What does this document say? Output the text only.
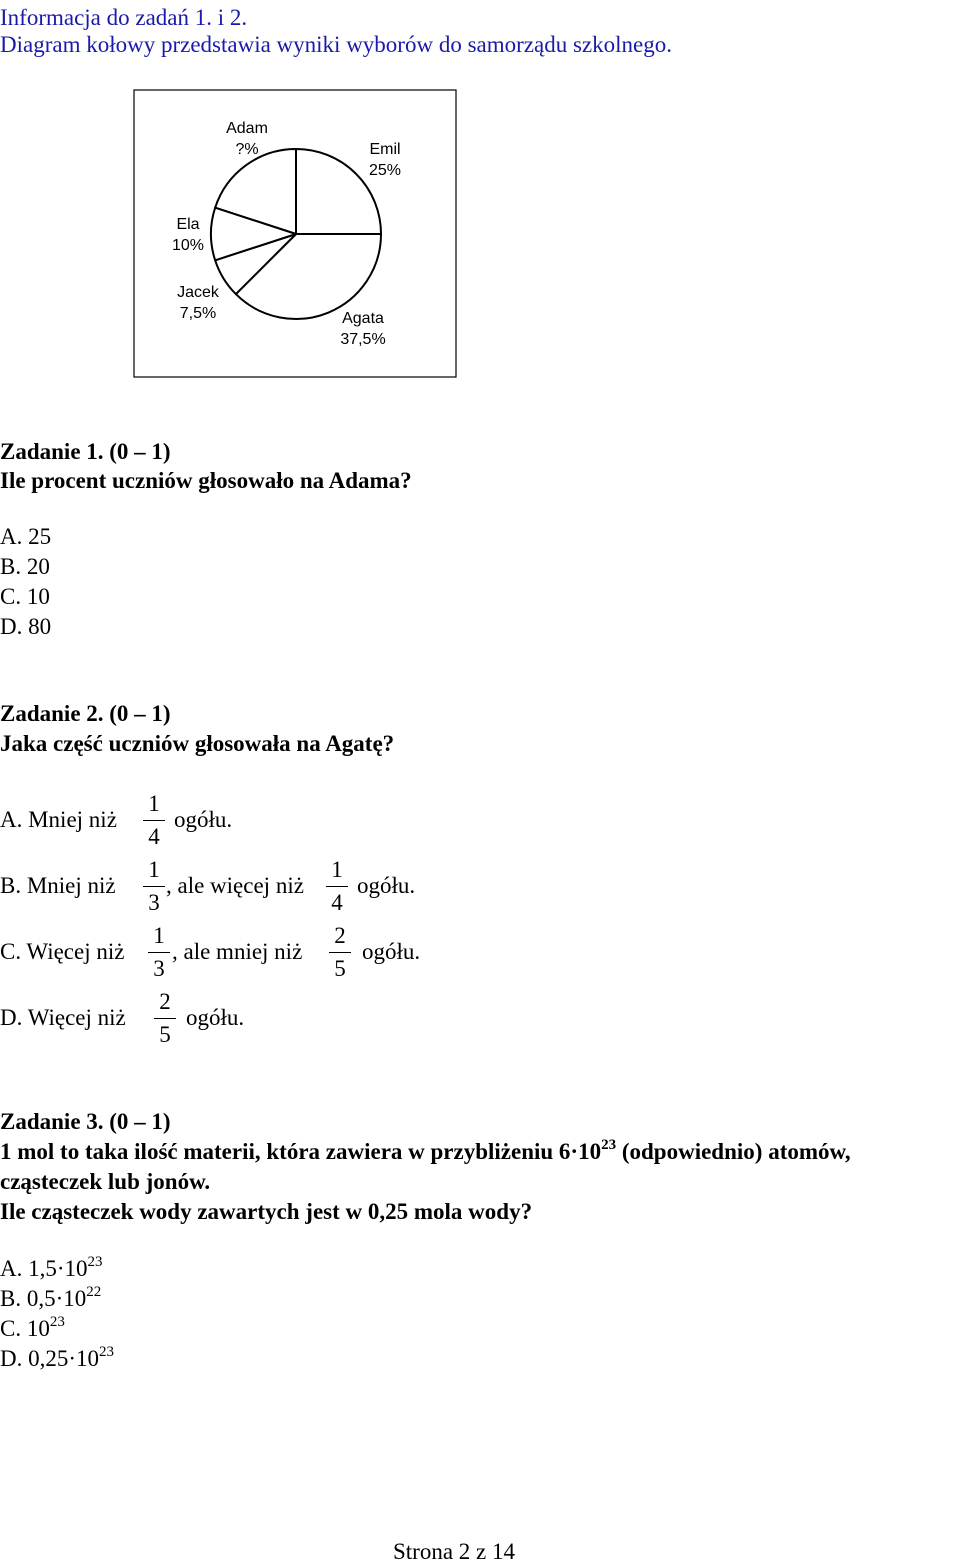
Informacja do zadań 1. i 2.
Diagram kołowy przedstawia wyniki wyborów do samorządu szkolnego.
Adam
?%	Emil
25%
Ela
10%
Jacek
7,5%	Agata
37,5%
Zadanie 1. (0 – 1)
Ile procent uczniów głosowało na Adama?
A. 25
B. 20
C. 10
D. 80
Zadanie 2. (0 – 1)
Jaka część uczniów głosowała na Agatę?
A. Mniej niż
1
4
ogółu.
B. Mniej niż
1
3
, ale więcej niż
1
4
ogółu.
C. Więcej niż
1
3
, ale mniej niż
2
5
ogółu.
D. Więcej niż
2
5
ogółu.
Zadanie 3. (0 – 1)
1 mol to taka ilość materii, która zawiera w przybliżeniu $6\cdot 10^{23}$ (odpowiednio) atomów,
cząsteczek lub jonów.
Ile cząsteczek wody zawartych jest w 0,25 mola wody?
A. $1,5\cdot 10^{23}$
B. $0,5\cdot 10^{22}$
C. $10^{23}$
D. $0,25\cdot 10^{23}$
Strona 2 z 14
